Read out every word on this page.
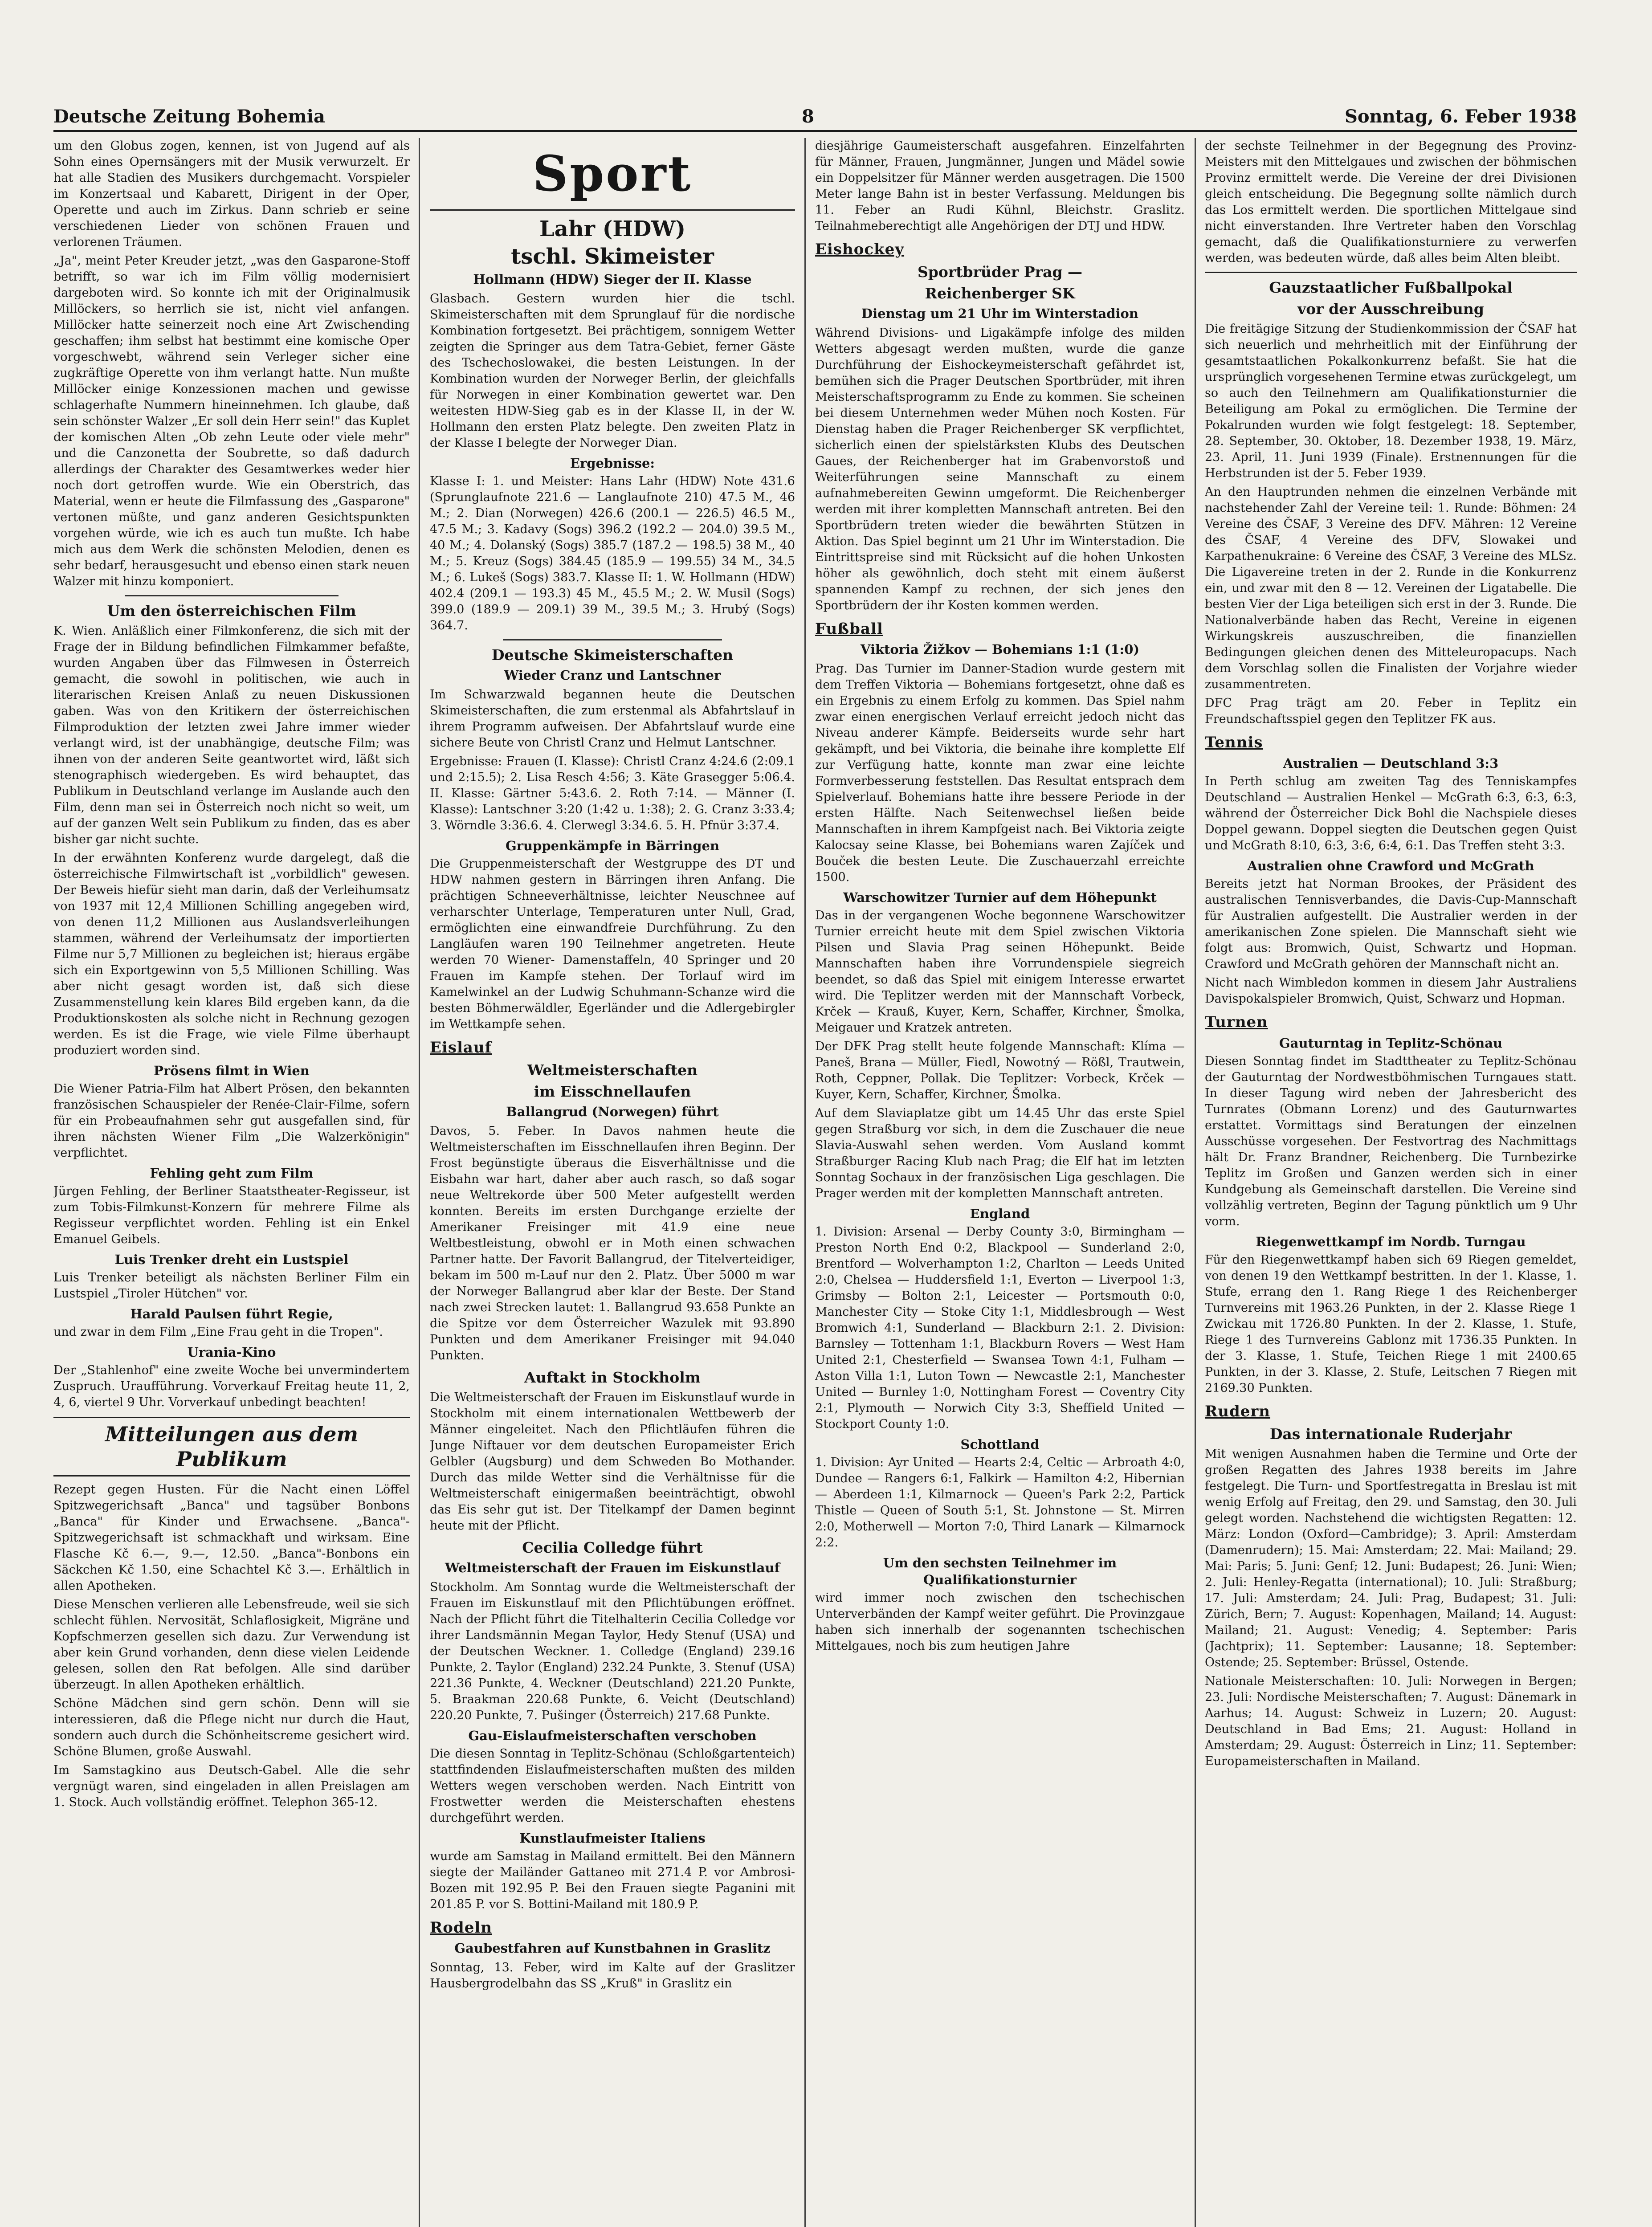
Deutsche Zeitung Bohemia	8	Sonntag, 6. Feber 1938

um den Globus zogen, kennen, ist von Jugend auf als Sohn eines Opernsängers mit der Musik verwurzelt. Er hat alle Stadien des Musikers durchgemacht. Vorspieler im Konzertsaal und Kabarett, Dirigent in der Oper, Operette und auch im Zirkus. Dann schrieb er seine verschiedenen Lieder von schönen Frauen und verlorenen Träumen.

„Ja", meint Peter Kreuder jetzt, „was den Gasparone-Stoff betrifft, so war ich im Film völlig modernisiert dargeboten wird. So konnte ich mit der Originalmusik Millöckers, so herrlich sie ist, nicht viel anfangen. Millöcker hatte seinerzeit noch eine Art Zwischending geschaffen; ihm selbst hat bestimmt eine komische Oper vorgeschwebt, während sein Verleger sicher eine zugkräftige Operette von ihm verlangt hatte. Nun mußte Millöcker einige Konzessionen machen und gewisse schlagerhafte Nummern hineinnehmen. Ich glaube, daß sein schönster Walzer „Er soll dein Herr sein!" das Kuplet der komischen Alten „Ob zehn Leute oder viele mehr" und die Canzonetta der Soubrette, so daß dadurch allerdings der Charakter des Gesamtwerkes weder hier noch dort getroffen wurde. Wie ein Oberstrich, das Material, wenn er heute die Filmfassung des „Gasparone" vertonen müßte, und ganz anderen Gesichtspunkten vorgehen würde, wie ich es auch tun mußte. Ich habe mich aus dem Werk die schönsten Melodien, denen es sehr bedarf, herausgesucht und ebenso einen stark neuen Walzer mit hinzu komponiert.

Um den österreichischen Film

K. Wien. Anläßlich einer Filmkonferenz, die sich mit der Frage der in Bildung befindlichen Filmkammer befaßte, wurden Angaben über das Filmwesen in Österreich gemacht, die sowohl in politischen, wie auch in literarischen Kreisen Anlaß zu neuen Diskussionen gaben. Was von den Kritikern der österreichischen Filmproduktion der letzten zwei Jahre immer wieder verlangt wird, ist der unabhängige, deutsche Film; was ihnen von der anderen Seite geantwortet wird, läßt sich stenographisch wiedergeben. Es wird behauptet, das Publikum in Deutschland verlange im Auslande auch den Film, denn man sei in Österreich noch nicht so weit, um auf der ganzen Welt sein Publikum zu finden, das es aber bisher gar nicht suchte.

In der erwähnten Konferenz wurde dargelegt, daß die österreichische Filmwirtschaft ist „vorbildlich" gewesen. Der Beweis hiefür sieht man darin, daß der Verleihumsatz von 1937 mit 12,4 Millionen Schilling angegeben wird, von denen 11,2 Millionen aus Auslandsverleihungen stammen, während der Verleihumsatz der importierten Filme nur 5,7 Millionen zu begleichen ist; hieraus ergäbe sich ein Exportgewinn von 5,5 Millionen Schilling. Was aber nicht gesagt worden ist, daß sich diese Zusammenstellung kein klares Bild ergeben kann, da die Produktionskosten als solche nicht in Rechnung gezogen werden. Es ist die Frage, wie viele Filme überhaupt produziert worden sind.

Prösens filmt in Wien

Die Wiener Patria-Film hat Albert Prösen, den bekannten französischen Schauspieler der Renée-Clair-Filme, sofern für ein Probeaufnahmen sehr gut ausgefallen sind, für ihren nächsten Wiener Film „Die Walzerkönigin" verpflichtet.

Fehling geht zum Film

Jürgen Fehling, der Berliner Staatstheater-Regisseur, ist zum Tobis-Filmkunst-Konzern für mehrere Filme als Regisseur verpflichtet worden. Fehling ist ein Enkel Emanuel Geibels.

Luis Trenker dreht ein Lustspiel

Luis Trenker beteiligt als nächsten Berliner Film ein Lustspiel „Tiroler Hütchen" vor.

Harald Paulsen führt Regie,

und zwar in dem Film „Eine Frau geht in die Tropen".

Urania-Kino

Der „Stahlenhof" eine zweite Woche bei unvermindertem Zuspruch. Uraufführung. Vorverkauf Freitag heute 11, 2, 4, 6, viertel 9 Uhr. Vorverkauf unbedingt beachten!

Mitteilungen aus dem Publikum

Rezept gegen Husten. Für die Nacht einen Löffel Spitzwegerichsaft „Banca" und tagsüber Bonbons „Banca" für Kinder und Erwachsene. „Banca"-Spitzwegerichsaft ist schmackhaft und wirksam. Eine Flasche Kč 6.—, 9.—, 12.50. „Banca"-Bonbons ein Säckchen Kč 1.50, eine Schachtel Kč 3.—. Erhältlich in allen Apotheken.

Diese Menschen verlieren alle Lebensfreude, weil sie sich schlecht fühlen. Nervosität, Schlaflosigkeit, Migräne und Kopfschmerzen gesellen sich dazu. Zur Verwendung ist aber kein Grund vorhanden, denn diese vielen Leidende gelesen, sollen den Rat befolgen. Alle sind darüber überzeugt. In allen Apotheken erhältlich.

Schöne Mädchen sind gern schön. Denn will sie interessieren, daß die Pflege nicht nur durch die Haut, sondern auch durch die Schönheitscreme gesichert wird. Schöne Blumen, große Auswahl.

Im Samstagkino aus Deutsch-Gabel. Alle die sehr vergnügt waren, sind eingeladen in allen Preislagen am 1. Stock. Auch vollständig eröffnet. Telephon 365-12.

Sport
Lahr (HDW)
tschl. Skimeister
Hollmann (HDW) Sieger der II. Klasse

Glasbach. Gestern wurden hier die tschl. Skimeisterschaften mit dem Sprunglauf für die nordische Kombination fortgesetzt. Bei prächtigem, sonnigem Wetter zeigten die Springer aus dem Tatra-Gebiet, ferner Gäste des Tschechoslowakei, die besten Leistungen. In der Kombination wurden der Norweger Berlin, der gleichfalls für Norwegen in einer Kombination gewertet war. Den weitesten HDW-Sieg gab es in der Klasse II, in der W. Hollmann den ersten Platz belegte. Den zweiten Platz in der Klasse I belegte der Norweger Dian.

Ergebnisse:

Klasse I: 1. und Meister: Hans Lahr (HDW) Note 431.6 (Sprunglaufnote 221.6 — Langlaufnote 210) 47.5 M., 46 M.; 2. Dian (Norwegen) 426.6 (200.1 — 226.5) 46.5 M., 47.5 M.; 3. Kadavy (Sogs) 396.2 (192.2 — 204.0) 39.5 M., 40 M.; 4. Dolanský (Sogs) 385.7 (187.2 — 198.5) 38 M., 40 M.; 5. Kreuz (Sogs) 384.45 (185.9 — 199.55) 34 M., 34.5 M.; 6. Lukeš (Sogs) 383.7. Klasse II: 1. W. Hollmann (HDW) 402.4 (209.1 — 193.3) 45 M., 45.5 M.; 2. W. Musil (Sogs) 399.0 (189.9 — 209.1) 39 M., 39.5 M.; 3. Hrubý (Sogs) 364.7.

Deutsche Skimeisterschaften
Wieder Cranz und Lantschner

Im Schwarzwald begannen heute die Deutschen Skimeisterschaften, die zum erstenmal als Abfahrtslauf in ihrem Programm aufweisen. Der Abfahrtslauf wurde eine sichere Beute von Christl Cranz und Helmut Lantschner.

Ergebnisse: Frauen (I. Klasse): Christl Cranz 4:24.6 (2:09.1 und 2:15.5); 2. Lisa Resch 4:56; 3. Käte Grasegger 5:06.4. II. Klasse: Gärtner 5:43.6. 2. Roth 7:14. — Männer (I. Klasse): Lantschner 3:20 (1:42 u. 1:38); 2. G. Cranz 3:33.4; 3. Wörndle 3:36.6. 4. Clerwegl 3:34.6. 5. H. Pfnür 3:37.4.

Gruppenkämpfe in Bärringen

Die Gruppenmeisterschaft der Westgruppe des DT und HDW nahmen gestern in Bärringen ihren Anfang. Die prächtigen Schneeverhältnisse, leichter Neuschnee auf verharschter Unterlage, Temperaturen unter Null, Grad, ermöglichten eine einwandfreie Durchführung. Zu den Langläufen waren 190 Teilnehmer angetreten. Heute werden 70 Wiener- Damenstaffeln, 40 Springer und 20 Frauen im Kampfe stehen. Der Torlauf wird im Kamelwinkel an der Ludwig Schuhmann-Schanze wird die besten Böhmerwäldler, Egerländer und die Adlergebirgler im Wettkampfe sehen.

Eislauf
Weltmeisterschaften
im Eisschnellaufen
Ballangrud (Norwegen) führt

Davos, 5. Feber. In Davos nahmen heute die Weltmeisterschaften im Eisschnellaufen ihren Beginn. Der Frost begünstigte überaus die Eisverhältnisse und die Eisbahn war hart, daher aber auch rasch, so daß sogar neue Weltrekorde über 500 Meter aufgestellt werden konnten. Bereits im ersten Durchgange erzielte der Amerikaner Freisinger mit 41.9 eine neue Weltbestleistung, obwohl er in Moth einen schwachen Partner hatte. Der Favorit Ballangrud, der Titelverteidiger, bekam im 500 m-Lauf nur den 2. Platz. Über 5000 m war der Norweger Ballangrud aber klar der Beste. Der Stand nach zwei Strecken lautet: 1. Ballangrud 93.658 Punkte an die Spitze vor dem Österreicher Wazulek mit 93.890 Punkten und dem Amerikaner Freisinger mit 94.040 Punkten.

Auftakt in Stockholm

Die Weltmeisterschaft der Frauen im Eiskunstlauf wurde in Stockholm mit einem internationalen Wettbewerb der Männer eingeleitet. Nach den Pflichtläufen führen die Junge Niftauer vor dem deutschen Europameister Erich Gelbler (Augsburg) und dem Schweden Bo Mothander. Durch das milde Wetter sind die Verhältnisse für die Weltmeisterschaft einigermaßen beeinträchtigt, obwohl das Eis sehr gut ist. Der Titelkampf der Damen beginnt heute mit der Pflicht.

Cecilia Colledge führt
Weltmeisterschaft der Frauen im Eiskunstlauf

Stockholm. Am Sonntag wurde die Weltmeisterschaft der Frauen im Eiskunstlauf mit den Pflichtübungen eröffnet. Nach der Pflicht führt die Titelhalterin Cecilia Colledge vor ihrer Landsmännin Megan Taylor, Hedy Stenuf (USA) und der Deutschen Weckner. 1. Colledge (England) 239.16 Punkte, 2. Taylor (England) 232.24 Punkte, 3. Stenuf (USA) 221.36 Punkte, 4. Weckner (Deutschland) 221.20 Punkte, 5. Braakman 220.68 Punkte, 6. Veicht (Deutschland) 220.20 Punkte, 7. Pušinger (Österreich) 217.68 Punkte.

Gau-Eislaufmeisterschaften verschoben

Die diesen Sonntag in Teplitz-Schönau (Schloßgartenteich) stattfindenden Eislaufmeisterschaften mußten des milden Wetters wegen verschoben werden. Nach Eintritt von Frostwetter werden die Meisterschaften ehestens durchgeführt werden.

Kunstlaufmeister Italiens

wurde am Samstag in Mailand ermittelt. Bei den Männern siegte der Mailänder Gattaneo mit 271.4 P. vor Ambrosi-Bozen mit 192.95 P. Bei den Frauen siegte Paganini mit 201.85 P. vor S. Bottini-Mailand mit 180.9 P.

Rodeln
Gaubestfahren auf Kunstbahnen in Graslitz

Sonntag, 13. Feber, wird im Kalte auf der Graslitzer Hausbergrodelbahn das SS „Kruß" in Graslitz ein

diesjährige Gaumeisterschaft ausgefahren. Einzelfahrten für Männer, Frauen, Jungmänner, Jungen und Mädel sowie ein Doppelsitzer für Männer werden ausgetragen. Die 1500 Meter lange Bahn ist in bester Verfassung. Meldungen bis 11. Feber an Rudi Kühnl, Bleichstr. Graslitz. Teilnahmeberechtigt alle Angehörigen der DTJ und HDW.

Eishockey
Sportbrüder Prag —
Reichenberger SK
Dienstag um 21 Uhr im Winterstadion

Während Divisions- und Ligakämpfe infolge des milden Wetters abgesagt werden mußten, wurde die ganze Durchführung der Eishockeymeisterschaft gefährdet ist, bemühen sich die Prager Deutschen Sportbrüder, mit ihren Meisterschaftsprogramm zu Ende zu kommen. Sie scheinen bei diesem Unternehmen weder Mühen noch Kosten. Für Dienstag haben die Prager Reichenberger SK verpflichtet, sicherlich einen der spielstärksten Klubs des Deutschen Gaues, der Reichenberger hat im Grabenvorstoß und Weiterführungen seine Mannschaft zu einem aufnahmebereiten Gewinn umgeformt. Die Reichenberger werden mit ihrer kompletten Mannschaft antreten. Bei den Sportbrüdern treten wieder die bewährten Stützen in Aktion. Das Spiel beginnt um 21 Uhr im Winterstadion. Die Eintrittspreise sind mit Rücksicht auf die hohen Unkosten höher als gewöhnlich, doch steht mit einem äußerst spannenden Kampf zu rechnen, der sich jenes den Sportbrüdern der ihr Kosten kommen werden.

Fußball
Viktoria Žižkov — Bohemians 1:1 (1:0)

Prag. Das Turnier im Danner-Stadion wurde gestern mit dem Treffen Viktoria — Bohemians fortgesetzt, ohne daß es ein Ergebnis zu einem Erfolg zu kommen. Das Spiel nahm zwar einen energischen Verlauf erreicht jedoch nicht das Niveau anderer Kämpfe. Beiderseits wurde sehr hart gekämpft, und bei Viktoria, die beinahe ihre komplette Elf zur Verfügung hatte, konnte man zwar eine leichte Formverbesserung feststellen. Das Resultat entsprach dem Spielverlauf. Bohemians hatte ihre bessere Periode in der ersten Hälfte. Nach Seitenwechsel ließen beide Mannschaften in ihrem Kampfgeist nach. Bei Viktoria zeigte Kalocsay seine Klasse, bei Bohemians waren Zajíček und Bouček die besten Leute. Die Zuschauerzahl erreichte 1500.

Warschowitzer Turnier auf dem Höhepunkt

Das in der vergangenen Woche begonnene Warschowitzer Turnier erreicht heute mit dem Spiel zwischen Viktoria Pilsen und Slavia Prag seinen Höhepunkt. Beide Mannschaften haben ihre Vorrundenspiele siegreich beendet, so daß das Spiel mit einigem Interesse erwartet wird. Die Teplitzer werden mit der Mannschaft Vorbeck, Krček — Krauß, Kuyer, Kern, Schaffer, Kirchner, Šmolka, Meigauer und Kratzek antreten.

Der DFK Prag stellt heute folgende Mannschaft: Klíma — Paneš, Brana — Müller, Fiedl, Nowotný — Rößl, Trautwein, Roth, Ceppner, Pollak. Die Teplitzer: Vorbeck, Krček — Kuyer, Kern, Schaffer, Kirchner, Šmolka.

Auf dem Slaviaplatze gibt um 14.45 Uhr das erste Spiel gegen Straßburg vor sich, in dem die Zuschauer die neue Slavia-Auswahl sehen werden. Vom Ausland kommt Straßburger Racing Klub nach Prag; die Elf hat im letzten Sonntag Sochaux in der französischen Liga geschlagen. Die Prager werden mit der kompletten Mannschaft antreten.

England

1. Division: Arsenal — Derby County 3:0, Birmingham — Preston North End 0:2, Blackpool — Sunderland 2:0, Brentford — Wolverhampton 1:2, Charlton — Leeds United 2:0, Chelsea — Huddersfield 1:1, Everton — Liverpool 1:3, Grimsby — Bolton 2:1, Leicester — Portsmouth 0:0, Manchester City — Stoke City 1:1, Middlesbrough — West Bromwich 4:1, Sunderland — Blackburn 2:1. 2. Division: Barnsley — Tottenham 1:1, Blackburn Rovers — West Ham United 2:1, Chesterfield — Swansea Town 4:1, Fulham — Aston Villa 1:1, Luton Town — Newcastle 2:1, Manchester United — Burnley 1:0, Nottingham Forest — Coventry City 2:1, Plymouth — Norwich City 3:3, Sheffield United — Stockport County 1:0.

Schottland

1. Division: Ayr United — Hearts 2:4, Celtic — Arbroath 4:0, Dundee — Rangers 6:1, Falkirk — Hamilton 4:2, Hibernian — Aberdeen 1:1, Kilmarnock — Queen's Park 2:2, Partick Thistle — Queen of South 5:1, St. Johnstone — St. Mirren 2:0, Motherwell — Morton 7:0, Third Lanark — Kilmarnock 2:2.

Um den sechsten Teilnehmer im Qualifikationsturnier

wird immer noch zwischen den tschechischen Unterverbänden der Kampf weiter geführt. Die Provinzgaue haben sich innerhalb der sogenannten tschechischen Mittelgaues, noch bis zum heutigen Jahre

der sechste Teilnehmer in der Begegnung des Provinz-Meisters mit den Mittelgaues und zwischen der böhmischen Provinz ermittelt werde. Die Vereine der drei Divisionen gleich entscheidung. Die Begegnung sollte nämlich durch das Los ermittelt werden. Die sportlichen Mittelgaue sind nicht einverstanden. Ihre Vertreter haben den Vorschlag gemacht, daß die Qualifikationsturniere zu verwerfen werden, was bedeuten würde, daß alles beim Alten bleibt.

Gauzstaatlicher Fußballpokal
vor der Ausschreibung

Die freitägige Sitzung der Studienkommission der ČSAF hat sich neuerlich und mehrheitlich mit der Einführung der gesamtstaatlichen Pokalkonkurrenz befaßt. Sie hat die ursprünglich vorgesehenen Termine etwas zurückgelegt, um so auch den Teilnehmern am Qualifikationsturnier die Beteiligung am Pokal zu ermöglichen. Die Termine der Pokalrunden wurden wie folgt festgelegt: 18. September, 28. September, 30. Oktober, 18. Dezember 1938, 19. März, 23. April, 11. Juni 1939 (Finale). Erstnennungen für die Herbstrunden ist der 5. Feber 1939.

An den Hauptrunden nehmen die einzelnen Verbände mit nachstehender Zahl der Vereine teil: 1. Runde: Böhmen: 24 Vereine des ČSAF, 3 Vereine des DFV. Mähren: 12 Vereine des ČSAF, 4 Vereine des DFV, Slowakei und Karpathenukraine: 6 Vereine des ČSAF, 3 Vereine des MLSz. Die Ligavereine treten in der 2. Runde in die Konkurrenz ein, und zwar mit den 8 — 12. Vereinen der Ligatabelle. Die besten Vier der Liga beteiligen sich erst in der 3. Runde. Die Nationalverbände haben das Recht, Vereine in eigenen Wirkungskreis auszuschreiben, die finanziellen Bedingungen gleichen denen des Mitteleuropacups. Nach dem Vorschlag sollen die Finalisten der Vorjahre wieder zusammentreten.

DFC Prag trägt am 20. Feber in Teplitz ein Freundschaftsspiel gegen den Teplitzer FK aus.

Tennis
Australien — Deutschland 3:3

In Perth schlug am zweiten Tag des Tenniskampfes Deutschland — Australien Henkel — McGrath 6:3, 6:3, 6:3, während der Österreicher Dick Bohl die Nachspiele dieses Doppel gewann. Doppel siegten die Deutschen gegen Quist und McGrath 8:10, 6:3, 3:6, 6:4, 6:1. Das Treffen steht 3:3.

Australien ohne Crawford und McGrath

Bereits jetzt hat Norman Brookes, der Präsident des australischen Tennisverbandes, die Davis-Cup-Mannschaft für Australien aufgestellt. Die Australier werden in der amerikanischen Zone spielen. Die Mannschaft sieht wie folgt aus: Bromwich, Quist, Schwartz und Hopman. Crawford und McGrath gehören der Mannschaft nicht an.

Nicht nach Wimbledon kommen in diesem Jahr Australiens Davispokalspieler Bromwich, Quist, Schwarz und Hopman.

Turnen
Gauturntag in Teplitz-Schönau

Diesen Sonntag findet im Stadttheater zu Teplitz-Schönau der Gauturntag der Nordwestböhmischen Turngaues statt. In dieser Tagung wird neben der Jahresbericht des Turnrates (Obmann Lorenz) und des Gauturnwartes erstattet. Vormittags sind Beratungen der einzelnen Ausschüsse vorgesehen. Der Festvortrag des Nachmittags hält Dr. Franz Brandner, Reichenberg. Die Turnbezirke Teplitz im Großen und Ganzen werden sich in einer Kundgebung als Gemeinschaft darstellen. Die Vereine sind vollzählig vertreten, Beginn der Tagung pünktlich um 9 Uhr vorm.

Riegenwettkampf im Nordb. Turngau

Für den Riegenwettkampf haben sich 69 Riegen gemeldet, von denen 19 den Wettkampf bestritten. In der 1. Klasse, 1. Stufe, errang den 1. Rang Riege 1 des Reichenberger Turnvereins mit 1963.26 Punkten, in der 2. Klasse Riege 1 Zwickau mit 1726.80 Punkten. In der 2. Klasse, 1. Stufe, Riege 1 des Turnvereins Gablonz mit 1736.35 Punkten. In der 3. Klasse, 1. Stufe, Teichen Riege 1 mit 2400.65 Punkten, in der 3. Klasse, 2. Stufe, Leitschen 7 Riegen mit 2169.30 Punkten.

Rudern
Das internationale Ruderjahr

Mit wenigen Ausnahmen haben die Termine und Orte der großen Regatten des Jahres 1938 bereits im Jahre festgelegt. Die Turn- und Sportfestregatta in Breslau ist mit wenig Erfolg auf Freitag, den 29. und Samstag, den 30. Juli gelegt worden. Nachstehend die wichtigsten Regatten: 12. März: London (Oxford—Cambridge); 3. April: Amsterdam (Damenrudern); 15. Mai: Amsterdam; 22. Mai: Mailand; 29. Mai: Paris; 5. Juni: Genf; 12. Juni: Budapest; 26. Juni: Wien; 2. Juli: Henley-Regatta (international); 10. Juli: Straßburg; 17. Juli: Amsterdam; 24. Juli: Prag, Budapest; 31. Juli: Zürich, Bern; 7. August: Kopenhagen, Mailand; 14. August: Mailand; 21. August: Venedig; 4. September: Paris (Jachtprix); 11. September: Lausanne; 18. September: Ostende; 25. September: Brüssel, Ostende.

Nationale Meisterschaften: 10. Juli: Norwegen in Bergen; 23. Juli: Nordische Meisterschaften; 7. August: Dänemark in Aarhus; 14. August: Schweiz in Luzern; 20. August: Deutschland in Bad Ems; 21. August: Holland in Amsterdam; 29. August: Österreich in Linz; 11. September: Europameisterschaften in Mailand.
